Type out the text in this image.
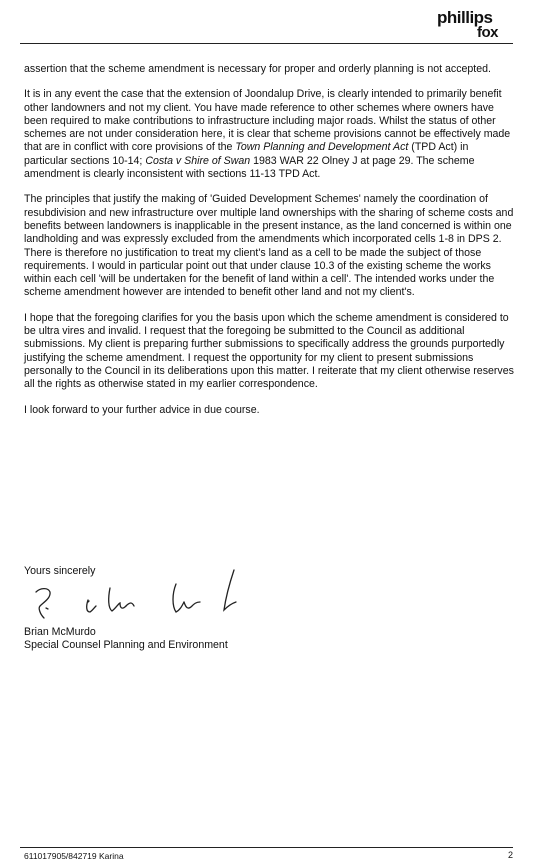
phillips
fox

assertion that the scheme amendment is necessary for proper and orderly planning is not accepted.

It is in any event the case that the extension of Joondalup Drive, is clearly intended to primarily benefit other landowners and not my client. You have made reference to other schemes where owners have been required to make contributions to infrastructure including major roads. Whilst the status of other schemes are not under consideration here, it is clear that scheme provisions cannot be effectively made that are in conflict with core provisions of the Town Planning and Development Act (TPD Act) in particular sections 10-14; Costa v Shire of Swan 1983 WAR 22 Olney J at page 29. The scheme amendment is clearly inconsistent with sections 11-13 TPD Act.

The principles that justify the making of 'Guided Development Schemes' namely the coordination of resubdivision and new infrastructure over multiple land ownerships with the sharing of scheme costs and benefits between landowners is inapplicable in the present instance, as the land concerned is within one landholding and was expressly excluded from the amendments which incorporated cells 1-8 in DPS 2. There is therefore no justification to treat my client's land as a cell to be made the subject of those requirements. I would in particular point out that under clause 10.3 of the existing scheme the works within each cell 'will be undertaken for the benefit of land within a cell'. The intended works under the scheme amendment however are intended to benefit other land and not my client's.

I hope that the foregoing clarifies for you the basis upon which the scheme amendment is considered to be ultra vires and invalid. I request that the foregoing be submitted to the Council as additional submissions. My client is preparing further submissions to specifically address the grounds purportedly justifying the scheme amendment. I request the opportunity for my client to present submissions personally to the Council in its deliberations upon this matter. I reiterate that my client otherwise reserves all the rights as otherwise stated in my earlier correspondence.

I look forward to your further advice in due course.

Yours sincerely
Brian McMurdo
Special Counsel Planning and Environment
611017905/842719 Karina	2
